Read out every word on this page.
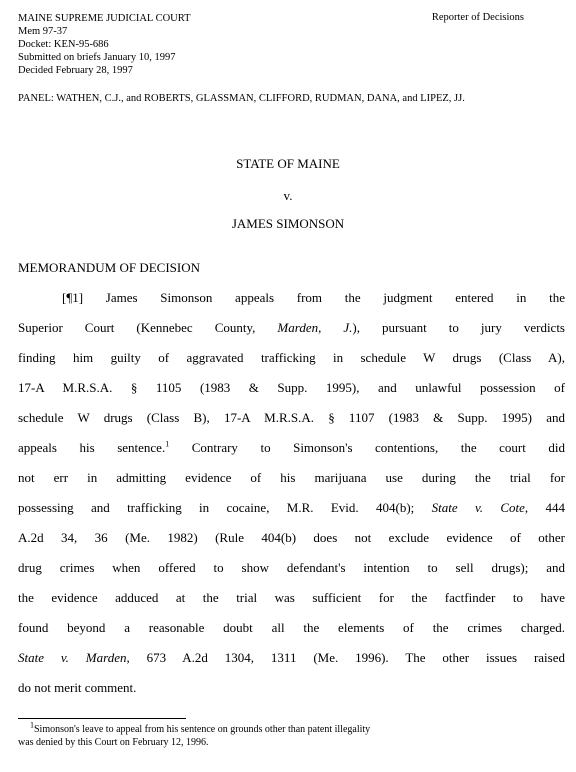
MAINE SUPREME JUDICIAL COURT
Mem 97-37
Docket: KEN-95-686
Submitted on briefs January 10, 1997
Decided February 28, 1997
Reporter of Decisions
PANEL: WATHEN, C.J., and ROBERTS, GLASSMAN, CLIFFORD, RUDMAN, DANA, and LIPEZ, JJ.
STATE OF MAINE
v.
JAMES SIMONSON
MEMORANDUM OF DECISION
[¶1] James Simonson appeals from the judgment entered in the
Superior Court (Kennebec County, Marden, J.), pursuant to jury verdicts
finding him guilty of aggravated trafficking in schedule W drugs (Class A),
17-A M.R.S.A. § 1105 (1983 & Supp. 1995), and unlawful possession of
schedule W drugs (Class B), 17-A M.R.S.A. § 1107 (1983 & Supp. 1995) and
appeals his sentence.$^1$ Contrary to Simonson's contentions, the court did
not err in admitting evidence of his marijuana use during the trial for
possessing and trafficking in cocaine, M.R. Evid. 404(b); State v. Cote, 444
A.2d 34, 36 (Me. 1982) (Rule 404(b) does not exclude evidence of other
drug crimes when offered to show defendant's intention to sell drugs); and
the evidence adduced at the trial was sufficient for the factfinder to have
found beyond a reasonable doubt all the elements of the crimes charged.
State v. Marden, 673 A.2d 1304, 1311 (Me. 1996). The other issues raised
do not merit comment.
$^1$Simonson's leave to appeal from his sentence on grounds other than patent illegality
was denied by this Court on February 12, 1996.
